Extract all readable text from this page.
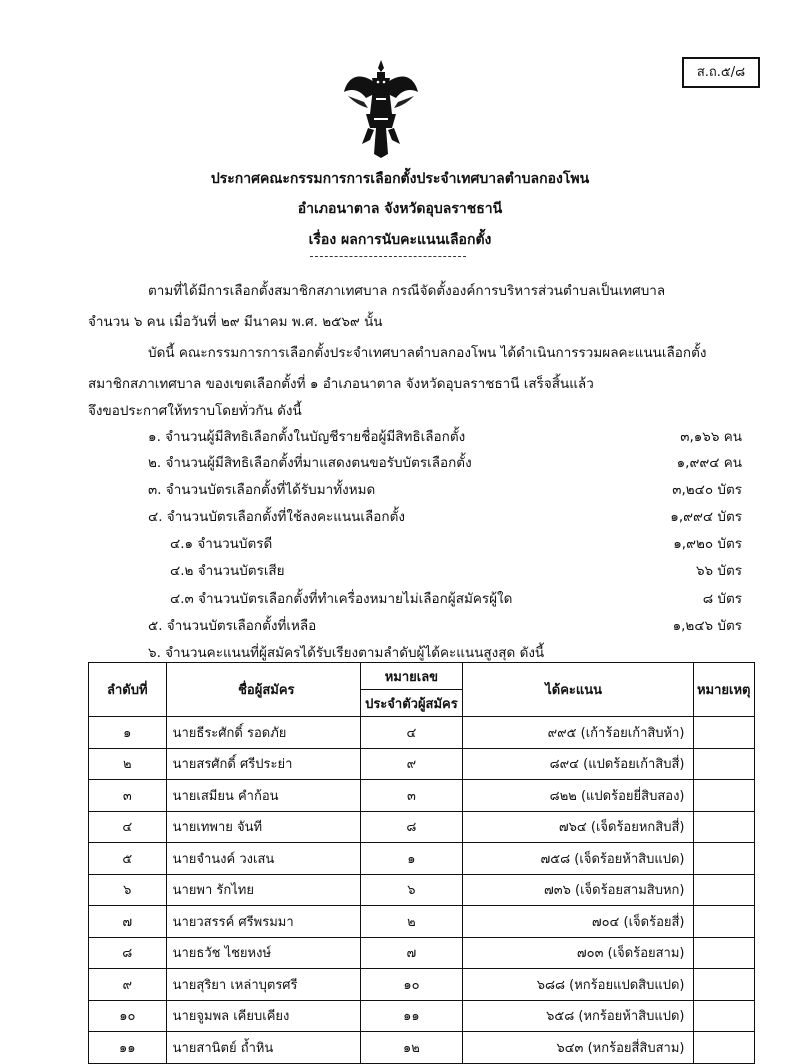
ส.ถ.๕/๘
ประกาศคณะกรรมการการเลือกตั้งประจำเทศบาลตำบลกองโพน
อำเภอนาตาล จังหวัดอุบลราชธานี
เรื่อง ผลการนับคะแนนเลือกตั้ง
ตามที่ได้มีการเลือกตั้งสมาชิกสภาเทศบาล กรณีจัดตั้งองค์การบริหารส่วนตำบลเป็นเทศบาล
จำนวน ๖ คน เมื่อวันที่ ๒๙ มีนาคม พ.ศ. ๒๕๖๙ นั้น
บัดนี้ คณะกรรมการการเลือกตั้งประจำเทศบาลตำบลกองโพน ได้ดำเนินการรวมผลคะแนนเลือกตั้ง
สมาชิกสภาเทศบาล ของเขตเลือกตั้งที่ ๑ อำเภอนาตาล จังหวัดอุบลราชธานี เสร็จสิ้นแล้ว
จึงขอประกาศให้ทราบโดยทั่วกัน ดังนี้
๑. จำนวนผู้มีสิทธิเลือกตั้งในบัญชีรายชื่อผู้มีสิทธิเลือกตั้ง	๓,๑๖๖ คน
๒. จำนวนผู้มีสิทธิเลือกตั้งที่มาแสดงตนขอรับบัตรเลือกตั้ง	๑,๙๙๔ คน
๓. จำนวนบัตรเลือกตั้งที่ได้รับมาทั้งหมด	๓,๒๔๐ บัตร
๔. จำนวนบัตรเลือกตั้งที่ใช้ลงคะแนนเลือกตั้ง	๑,๙๙๔ บัตร
๔.๑ จำนวนบัตรดี	๑,๙๒๐ บัตร
๔.๒ จำนวนบัตรเสีย	๖๖ บัตร
๔.๓ จำนวนบัตรเลือกตั้งที่ทำเครื่องหมายไม่เลือกผู้สมัครผู้ใด	๘ บัตร
๕. จำนวนบัตรเลือกตั้งที่เหลือ	๑,๒๔๖ บัตร
๖. จำนวนคะแนนที่ผู้สมัครได้รับเรียงตามลำดับผู้ได้คะแนนสูงสุด ดังนี้
ลำดับที่	ชื่อผู้สมัคร	หมายเลข	ได้คะแนน	หมายเหตุ
		ประจำตัวผู้สมัคร		
๑	นายธีระศักดิ์ รอดภัย	๔	๙๙๕ (เก้าร้อยเก้าสิบห้า)	
๒	นายสรศักดิ์ ศรีประย่า	๙	๘๙๔ (แปดร้อยเก้าสิบสี่)	
๓	นายเสมียน คำก้อน	๓	๘๒๒ (แปดร้อยยี่สิบสอง)	
๔	นายเทพาย จันที	๘	๗๖๔ (เจ็ดร้อยหกสิบสี่)	
๕	นายจำนงค์ วงเสน	๑	๗๕๘ (เจ็ดร้อยห้าสิบแปด)	
๖	นายพา รักไทย	๖	๗๓๖ (เจ็ดร้อยสามสิบหก)	
๗	นายวสรรค์ ศรีพรมมา	๒	๗๐๔ (เจ็ดร้อยสี่)	
๘	นายธวัช ไชยหงษ์	๗	๗๐๓ (เจ็ดร้อยสาม)	
๙	นายสุริยา เหล่าบุตรศรี	๑๐	๖๘๘ (หกร้อยแปดสิบแปด)	
๑๐	นายจูมพล เคียบเคียง	๑๑	๖๕๘ (หกร้อยห้าสิบแปด)	
๑๑	นายสานิตย์ ถ้ำหิน	๑๒	๖๔๓ (หกร้อยสี่สิบสาม)	
